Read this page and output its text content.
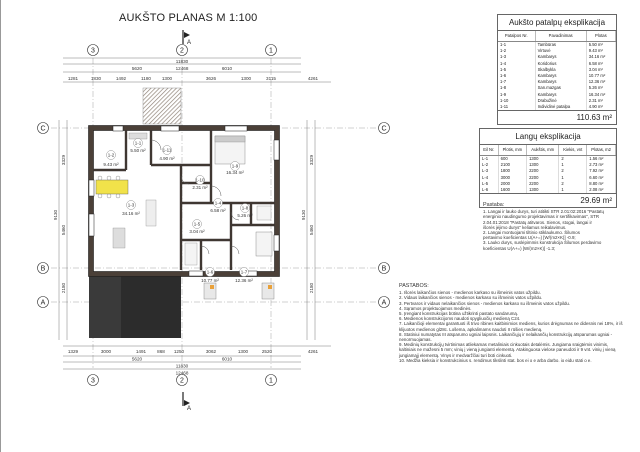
AUKŠTO PLANAS M 1:100
3	2	1
3	2	1
C
B
A
C
B
A
A
A
11830
12468
5620	6010
1281	1830	1492	1180 1300	3626	1300	3115	4261
1329	3000	1491 868 1250	3062	1300	2520	4261
5620	6010
11830
12468
9130
3329
5460
2180
9130
3329
5460
2180
1-2
9.43 m²
1-1
5.50 m²
1-3
34.16 m²
1-11
4.90 m²
1-9
16.34 m²
1-10
2.31 m²
1-4
6.58 m²	1-8
5.26 m²
1-5
3.04 m²
1-6
10.77 m²
1-7
12.36 m²
Aukšto patalpų eksplikacija
Patalpos Nr.	Pavadinimas	Plotas
1-1	Tambūras	5.50 m²
1-2	Virtuvė	9.43 m²
1-3	Kambarys	34.16 m²
1-4	Koridorius	6.58 m²
1-5	Skalbykla	3.04 m²
1-6	Kambarys	10.77 m²
1-7	Kambarys	12.36 m²
1-8	San.mazgas	5.26 m²
1-9	Kambarys	16.34 m²
1-10	Drabužinė	2.31 m²
1-11	Individinė patalpa	4.90 m²
110.63 m²
Langų eksplikacija
Eil Nr.	Plotis, mm	Aukštis, mm	Kiekis, vnt	Plotas, m2
L-1	600	1300	2	1.56 m²
L-2	2100	1300	1	2.73 m²
L-3	1800	2200	2	7.92 m²
L-4	3000	2200	1	6.60 m²
L-5	2000	2200	2	8.80 m²
L-6	1600	1300	1	2.08 m²
29.69 m²
Pastaba:
1. Langai ir lauko durys, turi atitikti STR 2.01:02:2016 "Pastatų
energinio naudingumo projektavimas ir sertifikavimas", STR
2.04.01:2018 "Pastatų atitvaros. Sienos, stogai, langai ir
išorės įėjimo durys" keliamus reikalavimus.
2. Langai montuojami tiltinio stiklaukumo. Šilumos
pertavimo koeficientas U(A+=) [W/(m2×K)] -0.9;
3. Lauko durys, suslėpimmis konstrukcija Šilumos perdavimo
koeficientas U(A+=) [W/(m2×K)] -1.3;
PASTABOS:
1. Išorės laikančios sienos - medienos karkaso su išmeinis vatos užpildu.
2. Vidaus laikančios sienos - medienos karkaso su išmeinis vatos užpildu.
3. Pertvaros ir vidaus nelaikančios sienos - medienos karkaso su išmeinis vatos užpildu.
4. Sąramos projektuojamos medinės.
5. Įrengiant konstrukcijas būtina užtikrinti pastato sandarumą.
6. Medienos konstrukcijoms naudoti spygliuočių medieną C24.
7. Laikančioji elementai garantuoti iš trivo ribines kaitbinimios mediens, kurios drėgnumas ne didesnis nei 18%, ir iš
klijuotos medienos gl28c. Lošema, apkalimams naudoti II rūšies medieną.
8. Statiniui numatytas III atsparumo ugniai laipsnis. Laikančiųjų ir nelaikančių konstrukcijų atsparumas ugniai -
nenormuojamas.
9. Medinių konstrukcijų tvirtinimas atliekamas metaliniais cinkuotais detalėmis. Jungiama sraigtėmis vinimis,
kaltiniais ne mažesni 5 mm; vinių į vieną jungianti elementą. Atakinguosa vielose paneudoti ir 9 vnt. vinių į vieną
jungiamąjį elementą. Vinys ir medvaržčiai turi būti cinkuoti.
10. Medžia kieksia ir konstrukcinius s. rendimus tikslinti stat. bos ei o e arba darbo. io eidu stati o e.
